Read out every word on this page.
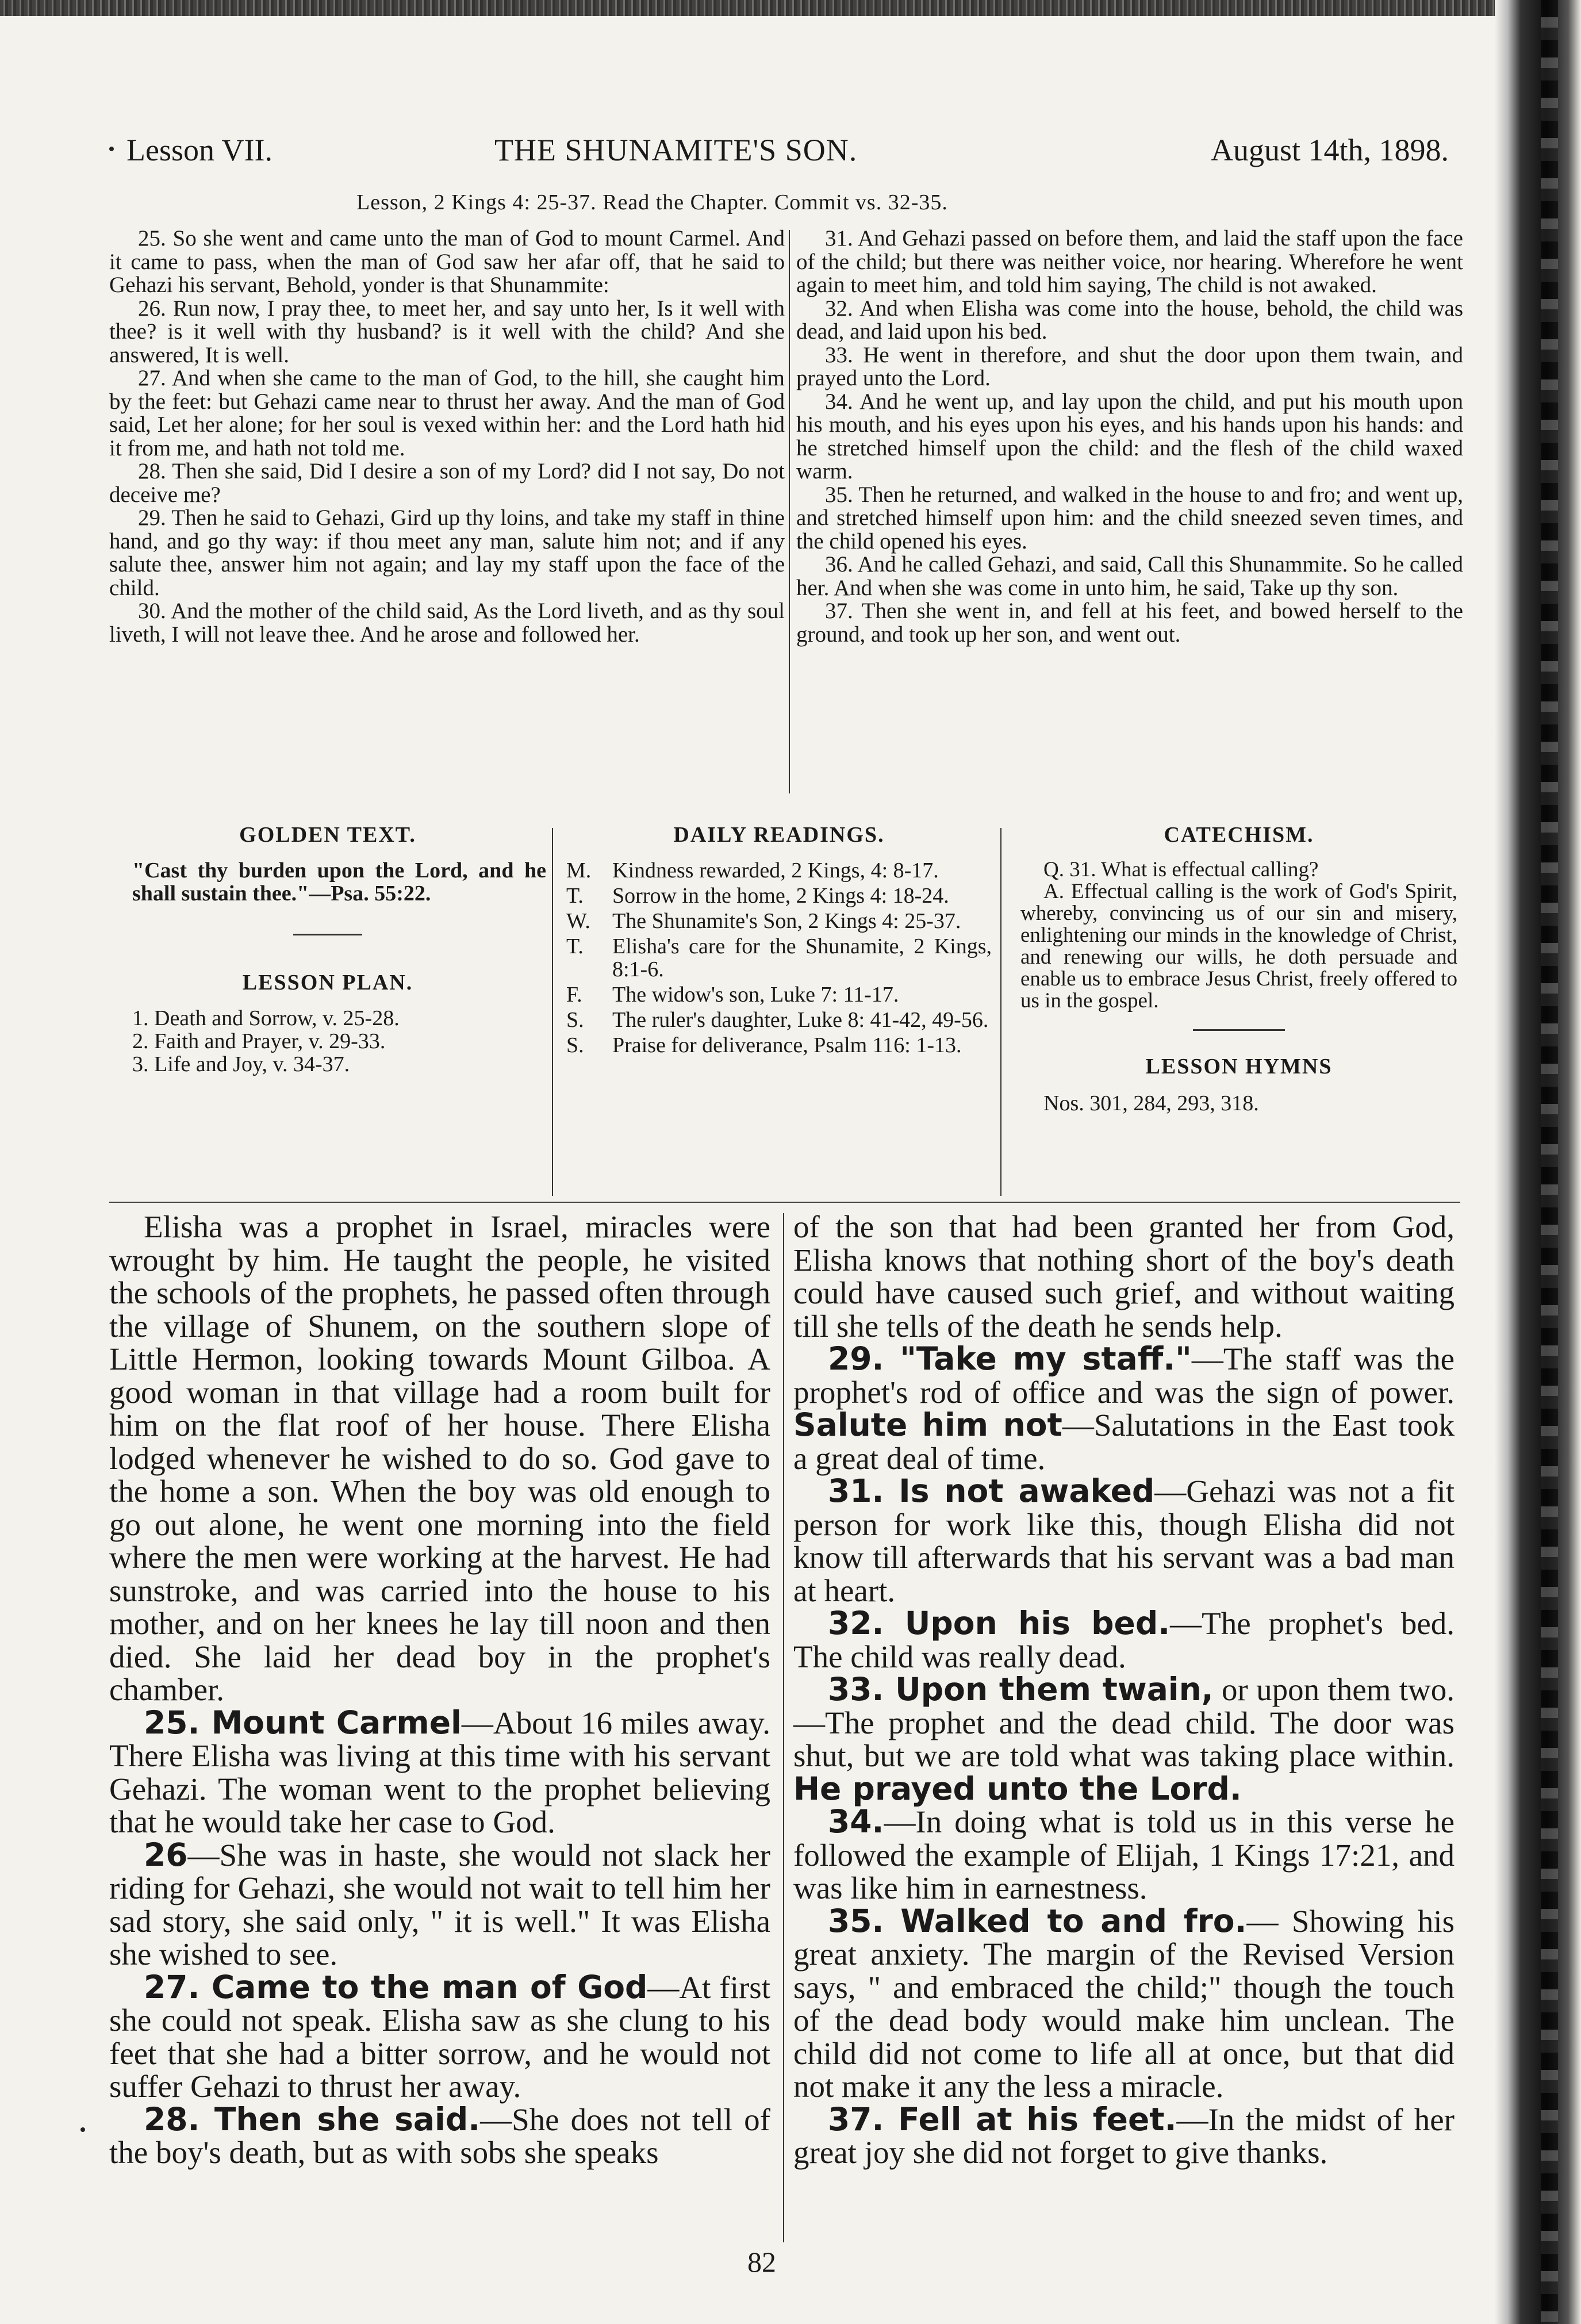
Lesson VII.	THE SHUNAMITE'S SON.	August 14th, 1898.
Lesson, 2 Kings 4: 25-37. Read the Chapter. Commit vs. 32-35.

25. So she went and came unto the man of God to mount Carmel. And it came to pass, when the man of God saw her afar off, that he said to Gehazi his servant, Behold, yonder is that Shunammite:

26. Run now, I pray thee, to meet her, and say unto her, Is it well with thee? is it well with thy husband? is it well with the child? And she answered, It is well.

27. And when she came to the man of God, to the hill, she caught him by the feet: but Gehazi came near to thrust her away. And the man of God said, Let her alone; for her soul is vexed within her: and the Lord hath hid it from me, and hath not told me.

28. Then she said, Did I desire a son of my Lord? did I not say, Do not deceive me?

29. Then he said to Gehazi, Gird up thy loins, and take my staff in thine hand, and go thy way: if thou meet any man, salute him not; and if any salute thee, answer him not again; and lay my staff upon the face of the child.

30. And the mother of the child said, As the Lord liveth, and as thy soul liveth, I will not leave thee. And he arose and followed her.

31. And Gehazi passed on before them, and laid the staff upon the face of the child; but there was neither voice, nor hearing. Wherefore he went again to meet him, and told him saying, The child is not awaked.

32. And when Elisha was come into the house, behold, the child was dead, and laid upon his bed.

33. He went in therefore, and shut the door upon them twain, and prayed unto the Lord.

34. And he went up, and lay upon the child, and put his mouth upon his mouth, and his eyes upon his eyes, and his hands upon his hands: and he stretched himself upon the child: and the flesh of the child waxed warm.

35. Then he returned, and walked in the house to and fro; and went up, and stretched himself upon him: and the child sneezed seven times, and the child opened his eyes.

36. And he called Gehazi, and said, Call this Shunammite. So he called her. And when she was come in unto him, he said, Take up thy son.

37. Then she went in, and fell at his feet, and bowed herself to the ground, and took up her son, and went out.

GOLDEN TEXT.

"Cast thy burden upon the Lord, and he shall sustain thee."—Psa. 55:22.

LESSON PLAN.

1. Death and Sorrow, v. 25-28.

2. Faith and Prayer, v. 29-33.

3. Life and Joy, v. 34-37.

DAILY READINGS.
M. Kindness rewarded, 2 Kings, 4: 8-17.
T. Sorrow in the home, 2 Kings 4: 18-24.
W. The Shunamite's Son, 2 Kings 4: 25-37.
T. Elisha's care for the Shunamite, 2 Kings, 8:1-6.
F. The widow's son, Luke 7: 11-17.
S. The ruler's daughter, Luke 8: 41-42, 49-56.
S. Praise for deliverance, Psalm 116: 1-13.
CATECHISM.

Q. 31. What is effectual calling?

A. Effectual calling is the work of God's Spirit, whereby, convincing us of our sin and misery, enlightening our minds in the knowledge of Christ, and renewing our wills, he doth persuade and enable us to embrace Jesus Christ, freely offered to us in the gospel.

LESSON HYMNS
Nos. 301, 284, 293, 318.

Elisha was a prophet in Israel, miracles were wrought by him. He taught the people, he visited the schools of the prophets, he passed often through the village of Shunem, on the southern slope of Little Hermon, looking towards Mount Gilboa. A good woman in that village had a room built for him on the flat roof of her house. There Elisha lodged whenever he wished to do so. God gave to the home a son. When the boy was old enough to go out alone, he went one morning into the field where the men were working at the harvest. He had sunstroke, and was carried into the house to his mother, and on her knees he lay till noon and then died. She laid her dead boy in the prophet's chamber.

25. Mount Carmel—About 16 miles away. There Elisha was living at this time with his servant Gehazi. The woman went to the prophet believing that he would take her case to God.

26—She was in haste, she would not slack her riding for Gehazi, she would not wait to tell him her sad story, she said only, " it is well." It was Elisha she wished to see.

27. Came to the man of God—At first she could not speak. Elisha saw as she clung to his feet that she had a bitter sorrow, and he would not suffer Gehazi to thrust her away.

28. Then she said.—She does not tell of the boy's death, but as with sobs she speaks

of the son that had been granted her from God, Elisha knows that nothing short of the boy's death could have caused such grief, and without waiting till she tells of the death he sends help.

29. "Take my staff."—The staff was the prophet's rod of office and was the sign of power. Salute him not—Salutations in the East took a great deal of time.

31. Is not awaked—Gehazi was not a fit person for work like this, though Elisha did not know till afterwards that his servant was a bad man at heart.

32. Upon his bed.—The prophet's bed. The child was really dead.

33. Upon them twain, or upon them two.—The prophet and the dead child. The door was shut, but we are told what was taking place within. He prayed unto the Lord.

34.—In doing what is told us in this verse he followed the example of Elijah, 1 Kings 17:21, and was like him in earnestness.

35. Walked to and fro.— Showing his great anxiety. The margin of the Revised Version says, " and embraced the child;" though the touch of the dead body would make him unclean. The child did not come to life all at once, but that did not make it any the less a miracle.

37. Fell at his feet.—In the midst of her great joy she did not forget to give thanks.

82
